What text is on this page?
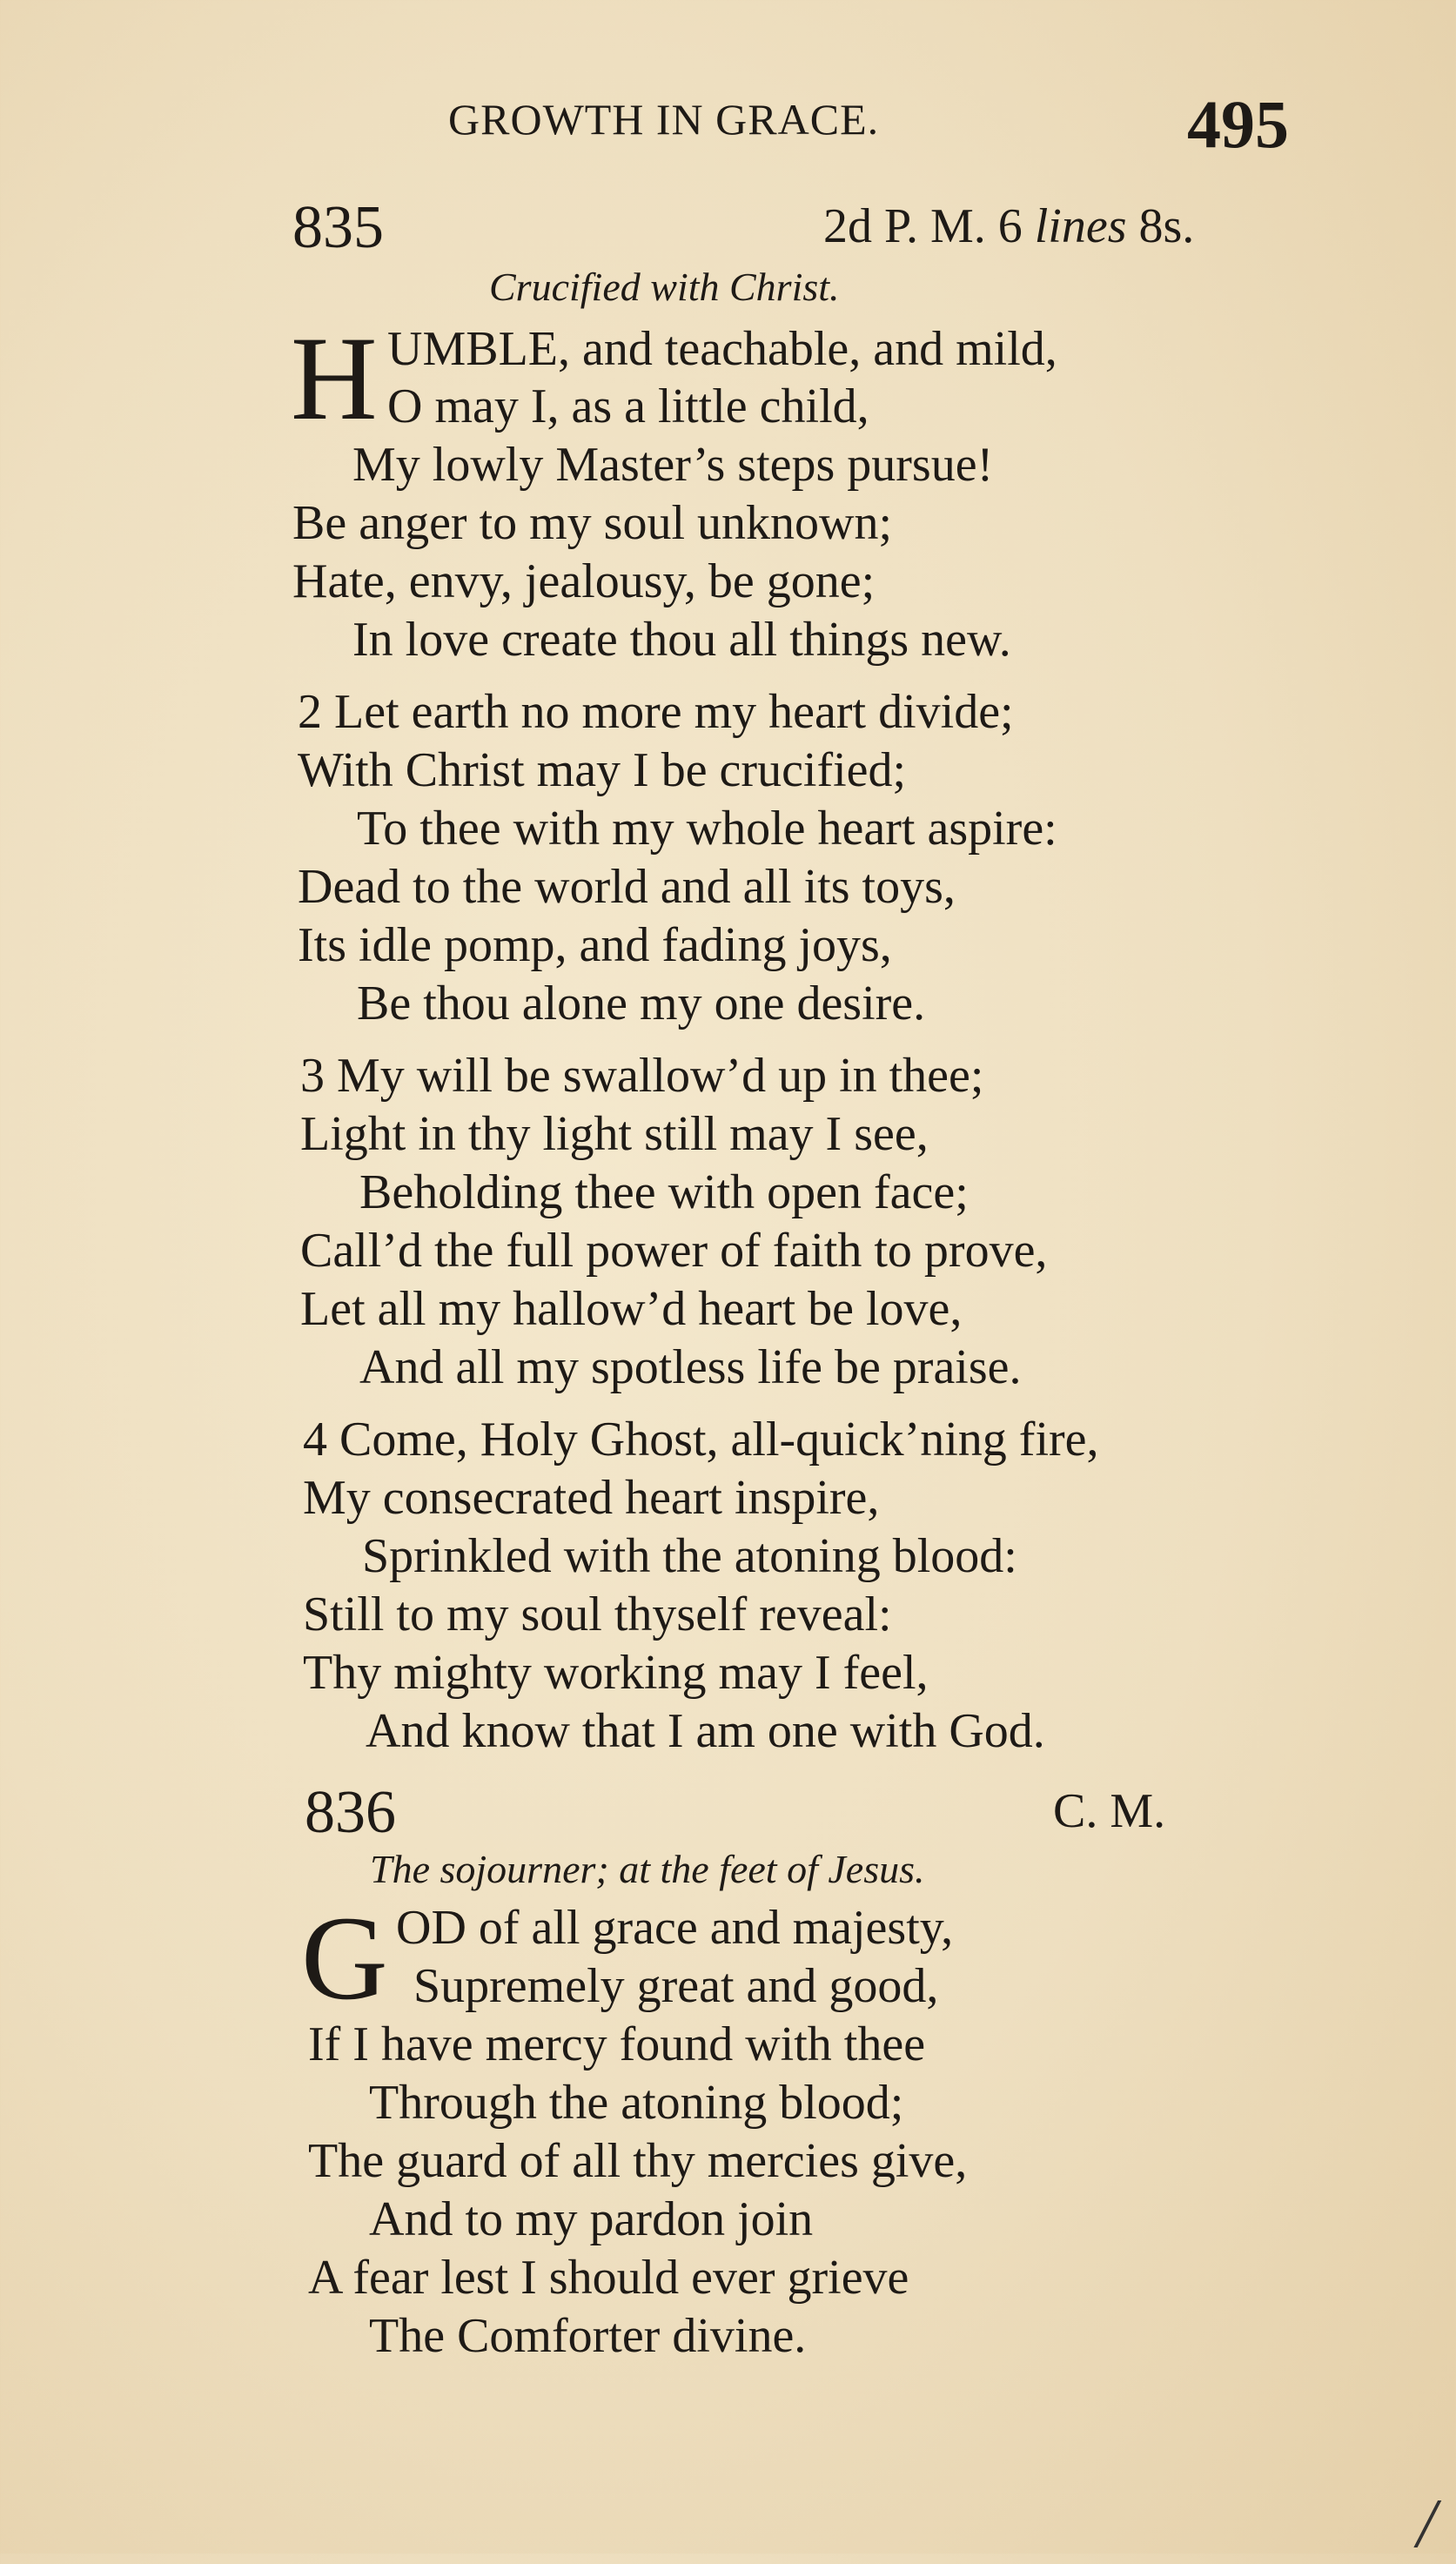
GROWTH IN GRACE.	495
835	2d P. M. 6 lines 8s.
Crucified with Christ.
H UMBLE, and teachable, and mild,
O may I, as a little child,
My lowly Master’s steps pursue!
Be anger to my soul unknown;
Hate, envy, jealousy, be gone;
In love create thou all things new.
2 Let earth no more my heart divide;
With Christ may I be crucified;
To thee with my whole heart aspire:
Dead to the world and all its toys,
Its idle pomp, and fading joys,
Be thou alone my one desire.
3 My will be swallow’d up in thee;
Light in thy light still may I see,
Beholding thee with open face;
Call’d the full power of faith to prove,
Let all my hallow’d heart be love,
And all my spotless life be praise.
4 Come, Holy Ghost, all-quick’ning fire,
My consecrated heart inspire,
Sprinkled with the atoning blood:
Still to my soul thyself reveal:
Thy mighty working may I feel,
And know that I am one with God.
836	C. M.
The sojourner; at the feet of Jesus.
G OD of all grace and majesty,
Supremely great and good,
If I have mercy found with thee
Through the atoning blood;
The guard of all thy mercies give,
And to my pardon join
A fear lest I should ever grieve
The Comforter divine.
/
